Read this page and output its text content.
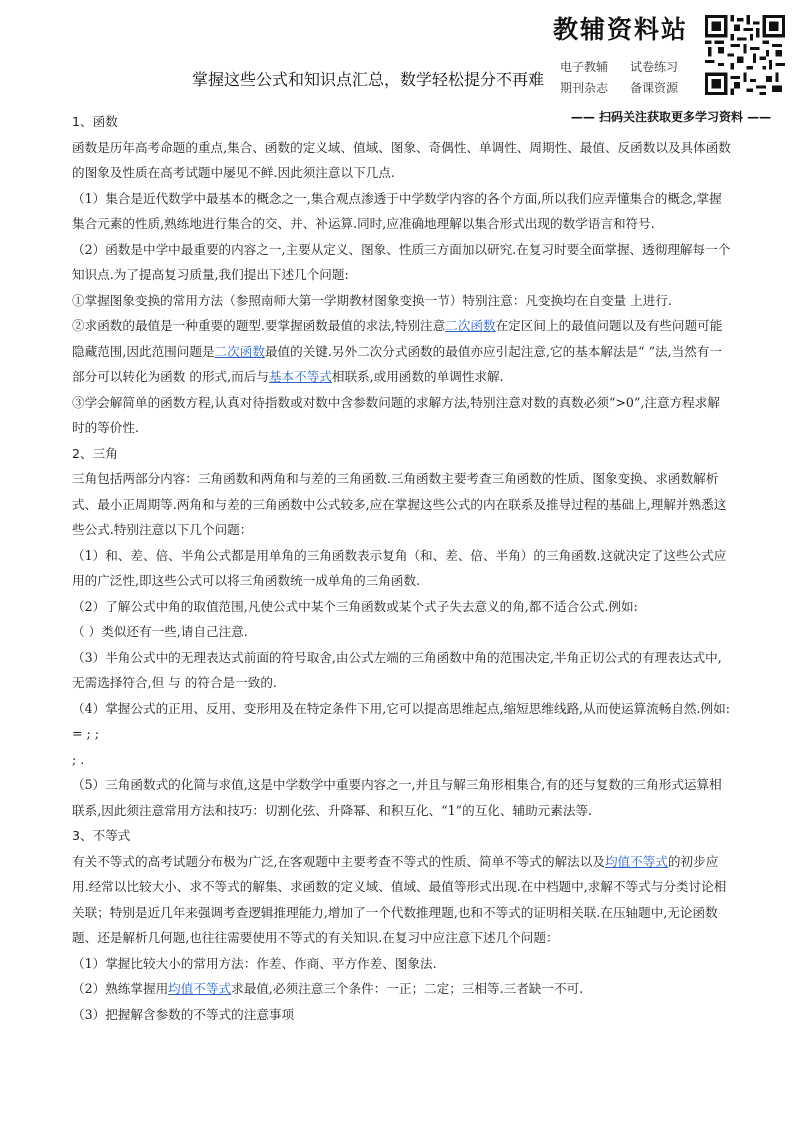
教辅资料站
电子教辅	试卷练习
期刊杂志	备课资源
—— 扫码关注获取更多学习资料 ——
掌握这些公式和知识点汇总，数学轻松提分不再难

1、函数

函数是历年高考命题的重点,集合、函数的定义域、值域、图象、奇偶性、单调性、周期性、最值、反函数以及具体函数的图象及性质在高考试题中屡见不鲜.因此须注意以下几点.

（1）集合是近代数学中最基本的概念之一,集合观点渗透于中学数学内容的各个方面,所以我们应弄懂集合的概念,掌握集合元素的性质,熟练地进行集合的交、并、补运算.同时,应准确地理解以集合形式出现的数学语言和符号.

（2）函数是中学中最重要的内容之一,主要从定义、图象、性质三方面加以研究.在复习时要全面掌握、透彻理解每一个知识点.为了提高复习质量,我们提出下述几个问题:

①掌握图象变换的常用方法（参照南师大第一学期教材图象变换一节）特别注意：凡变换均在自变量 上进行.

②求函数的最值是一种重要的题型.要掌握函数最值的求法,特别注意二次函数在定区间上的最值问题以及有些问题可能隐藏范围,因此范围问题是二次函数最值的关键.另外二次分式函数的最值亦应引起注意,它的基本解法是“ ”法,当然有一部分可以转化为函数 的形式,而后与基本不等式相联系,或用函数的单调性求解.

③学会解简单的函数方程,认真对待指数或对数中含参数问题的求解方法,特别注意对数的真数必须“>0”,注意方程求解时的等价性.

2、三角

三角包括两部分内容：三角函数和两角和与差的三角函数.三角函数主要考查三角函数的性质、图象变换、求函数解析式、最小正周期等.两角和与差的三角函数中公式较多,应在掌握这些公式的内在联系及推导过程的基础上,理解并熟悉这些公式.特别注意以下几个问题：

（1）和、差、倍、半角公式都是用单角的三角函数表示复角（和、差、倍、半角）的三角函数.这就决定了这些公式应用的广泛性,即这些公式可以将三角函数统一成单角的三角函数.

（2）了解公式中角的取值范围,凡使公式中某个三角函数或某个式子失去意义的角,都不适合公式.例如:

（ ）类似还有一些,请自己注意.

（3）半角公式中的无理表达式前面的符号取舍,由公式左端的三角函数中角的范围决定,半角正切公式的有理表达式中,无需选择符合,但 与 的符合是一致的.

（4）掌握公式的正用、反用、变形用及在特定条件下用,它可以提高思维起点,缩短思维线路,从而使运算流畅自然.例如:

= ; ;

; .

（5）三角函数式的化简与求值,这是中学数学中重要内容之一,并且与解三角形相集合,有的还与复数的三角形式运算相联系,因此须注意常用方法和技巧：切割化弦、升降幂、和积互化、“1”的互化、辅助元素法等.

3、不等式

有关不等式的高考试题分布极为广泛,在客观题中主要考查不等式的性质、简单不等式的解法以及均值不等式的初步应用.经常以比较大小、求不等式的解集、求函数的定义域、值域、最值等形式出现.在中档题中,求解不等式与分类讨论相关联；特别是近几年来强调考查逻辑推理能力,增加了一个代数推理题,也和不等式的证明相关联.在压轴题中,无论函数题、还是解析几何题,也往往需要使用不等式的有关知识.在复习中应注意下述几个问题：

（1）掌握比较大小的常用方法：作差、作商、平方作差、图象法.

（2）熟练掌握用均值不等式求最值,必须注意三个条件：一正；二定；三相等.三者缺一不可.

（3）把握解含参数的不等式的注意事项
